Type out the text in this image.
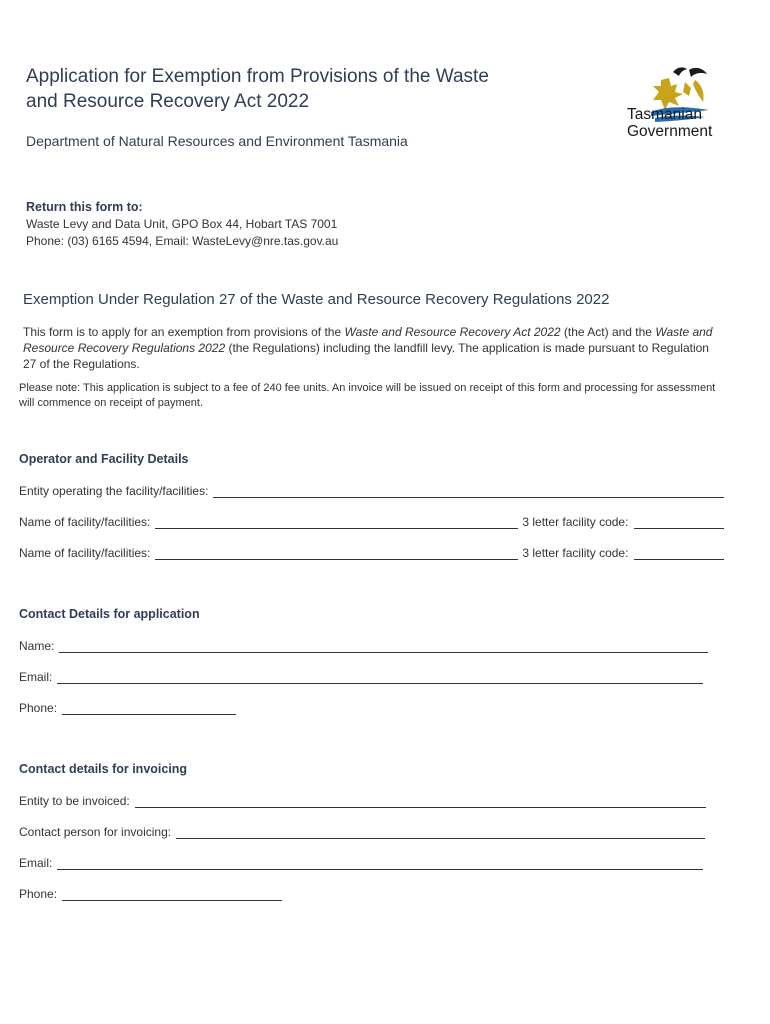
Application for Exemption from Provisions of the Waste
and Resource Recovery Act 2022
Department of Natural Resources and Environment Tasmania
Tasmanian
Government
Return this form to:
Waste Levy and Data Unit, GPO Box 44, Hobart TAS 7001
Phone: (03) 6165 4594, Email: WasteLevy@nre.tas.gov.au
Exemption Under Regulation 27 of the Waste and Resource Recovery Regulations 2022
This form is to apply for an exemption from provisions of the Waste and Resource Recovery Act 2022 (the Act) and the Waste and Resource Recovery Regulations 2022 (the Regulations) including the landfill levy. The application is made pursuant to Regulation 27 of the Regulations.
Please note: This application is subject to a fee of 240 fee units. An invoice will be issued on receipt of this form and processing for assessment will commence on receipt of payment.
Operator and Facility Details
Entity operating the facility/facilities:
Name of facility/facilities:	3 letter facility code:
Name of facility/facilities:	3 letter facility code:
Contact Details for application
Name:
Email:
Phone:
Contact details for invoicing
Entity to be invoiced:
Contact person for invoicing:
Email:
Phone:
